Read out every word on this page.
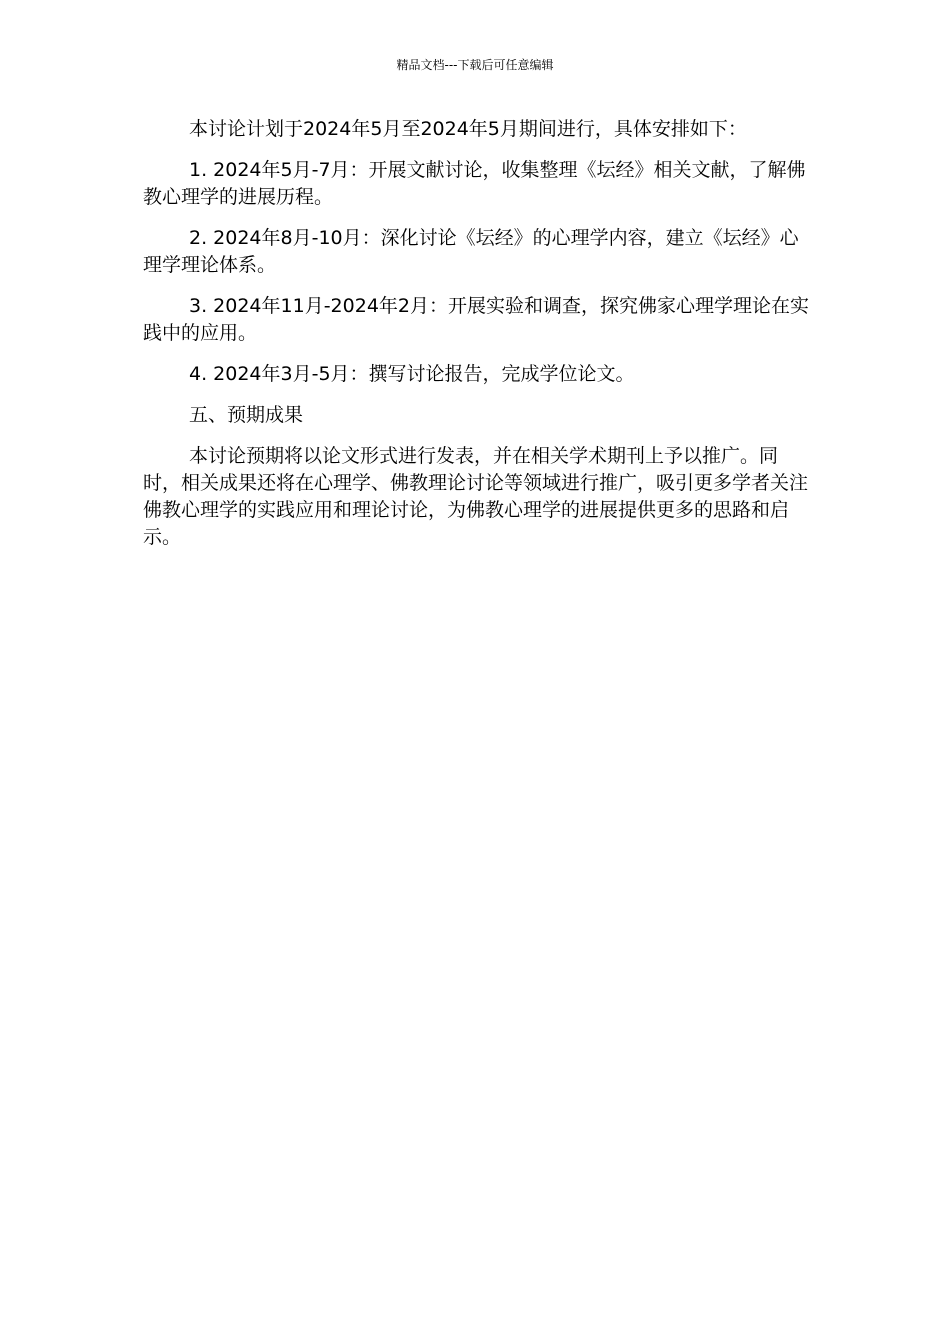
精品文档---下载后可任意编辑

本讨论计划于2024年5月至2024年5月期间进行，具体安排如下：

1. 2024年5月-7月：开展文献讨论，收集整理《坛经》相关文献，了解佛教心理学的进展历程。

2. 2024年8月-10月：深化讨论《坛经》的心理学内容，建立《坛经》心理学理论体系。

3. 2024年11月-2024年2月：开展实验和调查，探究佛家心理学理论在实践中的应用。

4. 2024年3月-5月：撰写讨论报告，完成学位论文。

五、预期成果

本讨论预期将以论文形式进行发表，并在相关学术期刊上予以推广。同时，相关成果还将在心理学、佛教理论讨论等领域进行推广，吸引更多学者关注佛教心理学的实践应用和理论讨论，为佛教心理学的进展提供更多的思路和启示。
